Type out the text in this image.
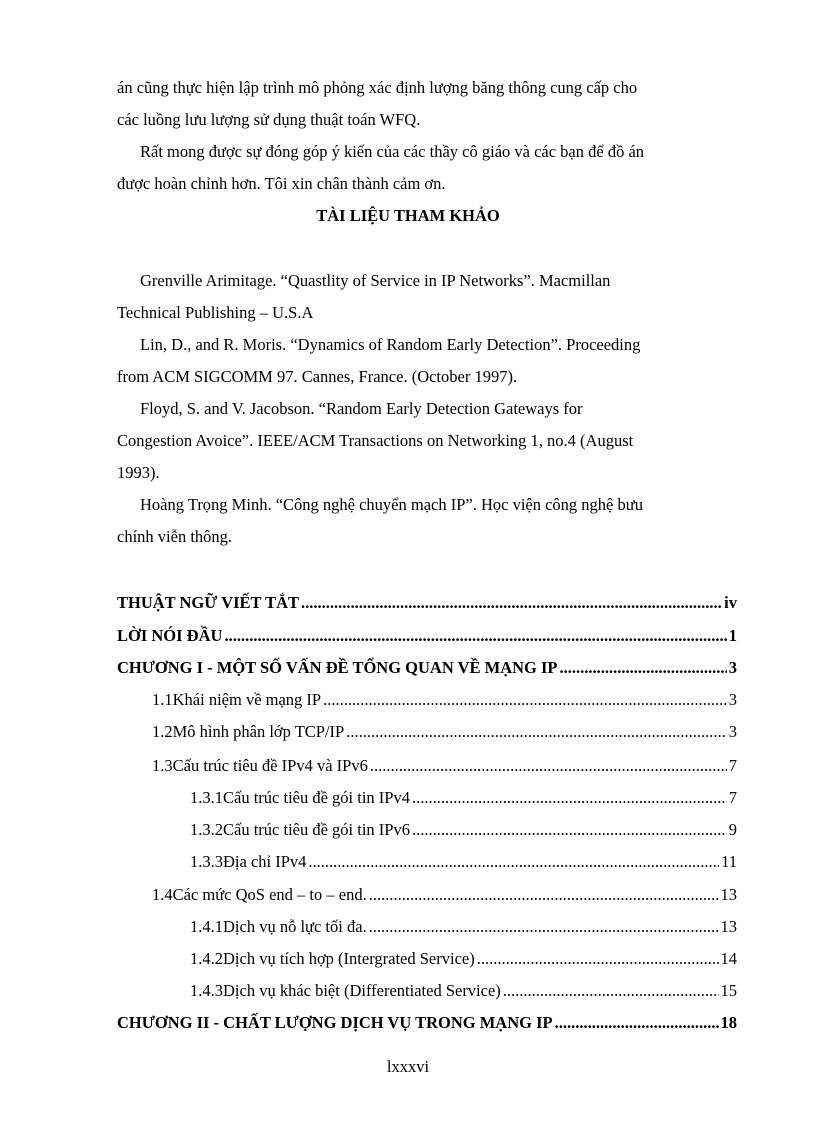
án cũng thực hiện lập trình mô phỏng xác định lượng băng thông cung cấp cho
các luồng lưu lượng sử dụng thuật toán WFQ.
Rất mong được sự đóng góp ý kiến của các thầy cô giáo và các bạn để đồ án
được hoàn chỉnh hơn. Tôi xin chân thành cảm ơn.
TÀI LIỆU THAM KHẢO
Grenville Arimitage. “Quastlity of Service in IP Networks”. Macmillan
Technical Publishing – U.S.A
Lin, D., and R. Moris. “Dynamics of Random Early Detection”. Proceeding
from ACM SIGCOMM 97. Cannes, France. (October 1997).
Floyd, S. and V. Jacobson. “Random Early Detection Gateways for
Congestion Avoice”. IEEE/ACM Transactions on Networking 1, no.4 (August
1993).
Hoàng Trọng Minh. “Công nghệ chuyển mạch IP”. Học viện công nghệ bưu
chính viễn thông.
THUẬT NGỮ VIẾT TẮT .....	iv
LỜI NÓI ĐẦU .....	1
CHƯƠNG I - MỘT SỐ VẤN ĐỀ TỔNG QUAN VỀ MẠNG IP .....	3
1.1 Khái niệm về mạng IP .....	3
1.2 Mô hình phân lớp TCP/IP .....	3
1.3 Cấu trúc tiêu đề IPv4 và IPv6 .....	7
1.3.1 Cấu trúc tiêu đề gói tin IPv4 .....	7
1.3.2 Cấu trúc tiêu đề gói tin IPv6 .....	9
1.3.3 Địa chỉ IPv4 .....	11
1.4 Các mức QoS end – to – end. .....	13
1.4.1 Dịch vụ nỗ lực tối đa. .....	13
1.4.2 Dịch vụ tích hợp (Intergrated Service) .....	14
1.4.3 Dịch vụ khác biệt (Differentiated Service) .....	15
CHƯƠNG II - CHẤT LƯỢNG DỊCH VỤ TRONG MẠNG IP .....	18
lxxxvi
